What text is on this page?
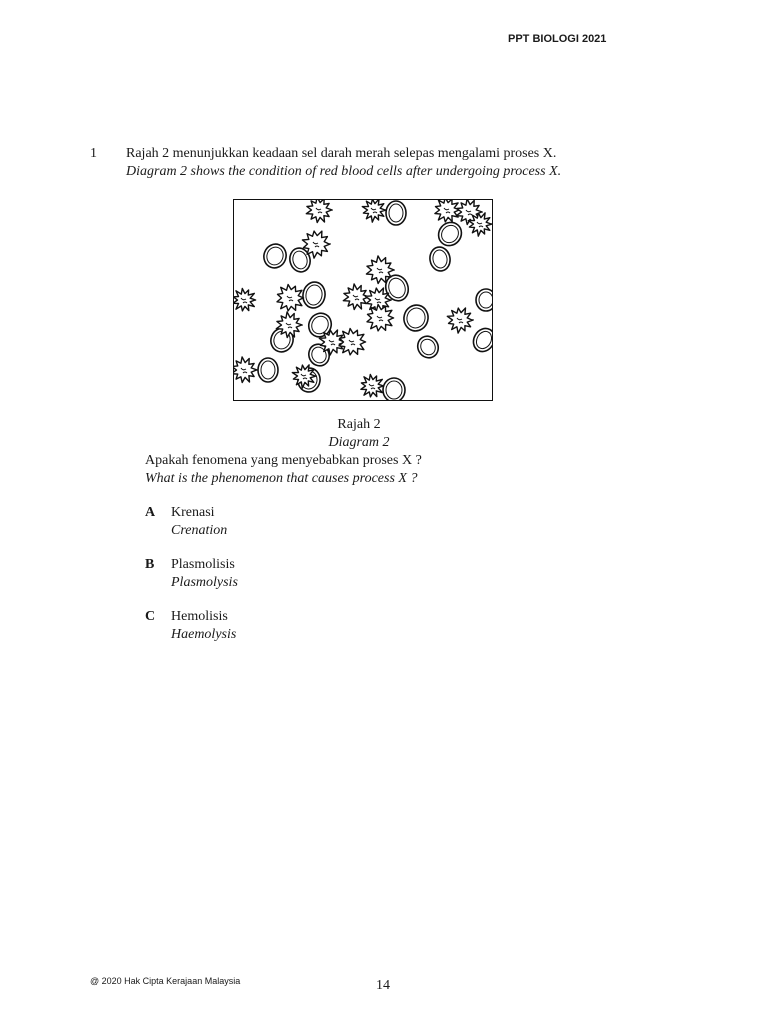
PPT BIOLOGI 2021
1 Rajah 2 menunjukkan keadaan sel darah merah selepas mengalami proses X.
Diagram 2 shows the condition of red blood cells after undergoing process X.
Rajah 2
Diagram 2
Apakah fenomena yang menyebabkan proses X ?
What is the phenomenon that causes process X ?
A Krenasi
Crenation
B Plasmolisis
Plasmolysis
C Hemolisis
Haemolysis
@ 2020 Hak Cipta Kerajaan Malaysia	14
